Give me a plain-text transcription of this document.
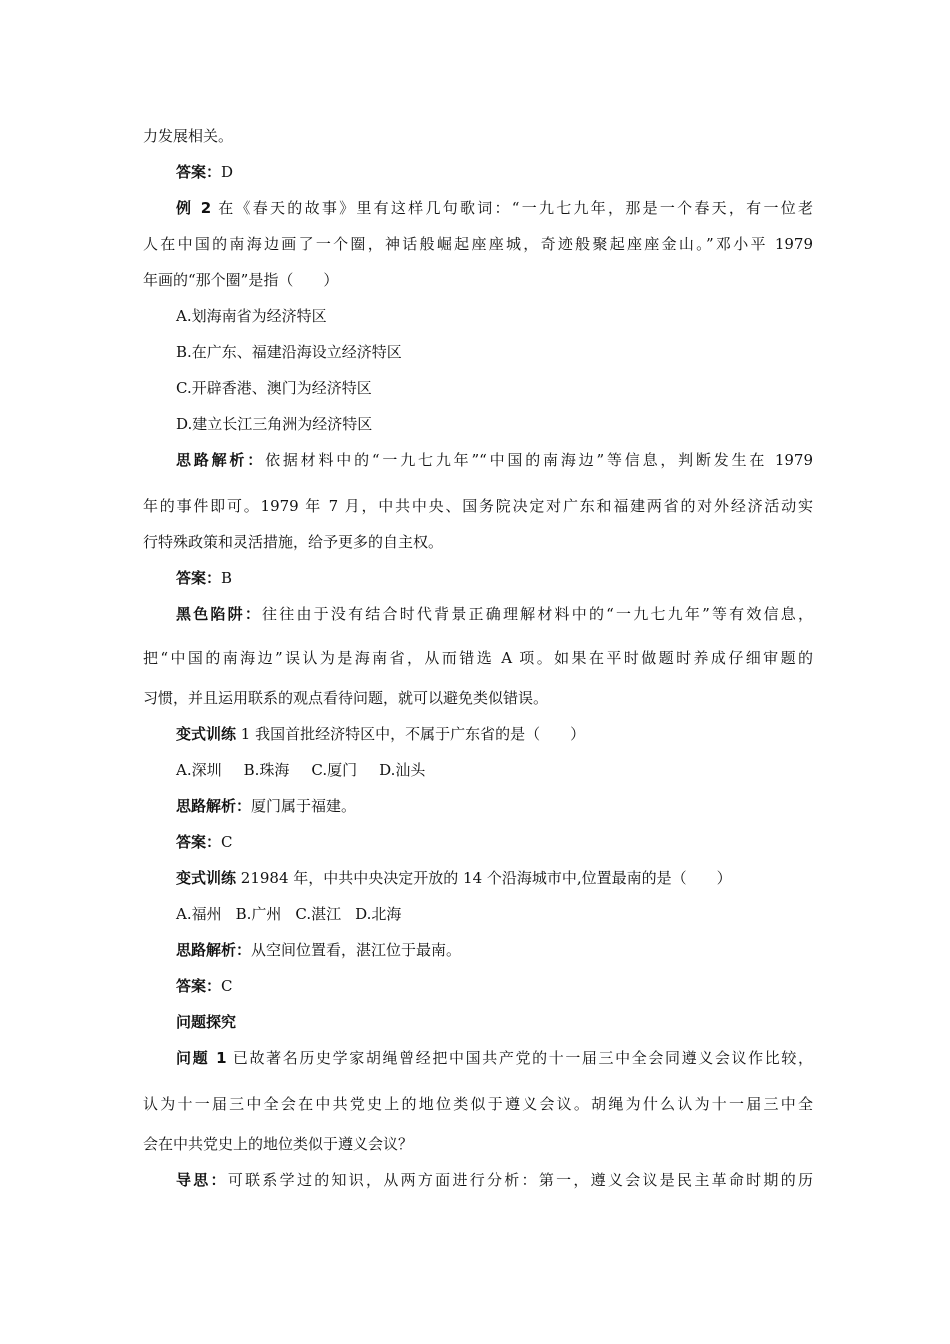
力发展相关。
答案：D
例 2 在《春天的故事》里有这样几句歌词：“一九七九年，那是一个春天，有一位老
人在中国的南海边画了一个圈，神话般崛起座座城，奇迹般聚起座座金山。”邓小平 1979
年画的“那个圈”是指（　　）
A.划海南省为经济特区
B.在广东、福建沿海设立经济特区
C.开辟香港、澳门为经济特区
D.建立长江三角洲为经济特区
思路解析：依据材料中的“一九七九年”“中国的南海边”等信息，判断发生在 1979
年的事件即可。1979 年 7 月，中共中央、国务院决定对广东和福建两省的对外经济活动实
行特殊政策和灵活措施，给予更多的自主权。
答案：B
黑色陷阱：往往由于没有结合时代背景正确理解材料中的“一九七九年”等有效信息，
把“中国的南海边”误认为是海南省，从而错选 A 项。如果在平时做题时养成仔细审题的
习惯，并且运用联系的观点看待问题，就可以避免类似错误。
变式训练 1 我国首批经济特区中，不属于广东省的是（　　）
A.深圳 B.珠海 C.厦门 D.汕头
思路解析：厦门属于福建。
答案：C
变式训练 21984 年，中共中央决定开放的 14 个沿海城市中,位置最南的是（　　）
A.福州 B.广州 C.湛江 D.北海
思路解析：从空间位置看，湛江位于最南。
答案：C
问题探究
问题 1 已故著名历史学家胡绳曾经把中国共产党的十一届三中全会同遵义会议作比较，
认为十一届三中全会在中共党史上的地位类似于遵义会议。胡绳为什么认为十一届三中全
会在中共党史上的地位类似于遵义会议？
导思：可联系学过的知识，从两方面进行分析：第一，遵义会议是民主革命时期的历
